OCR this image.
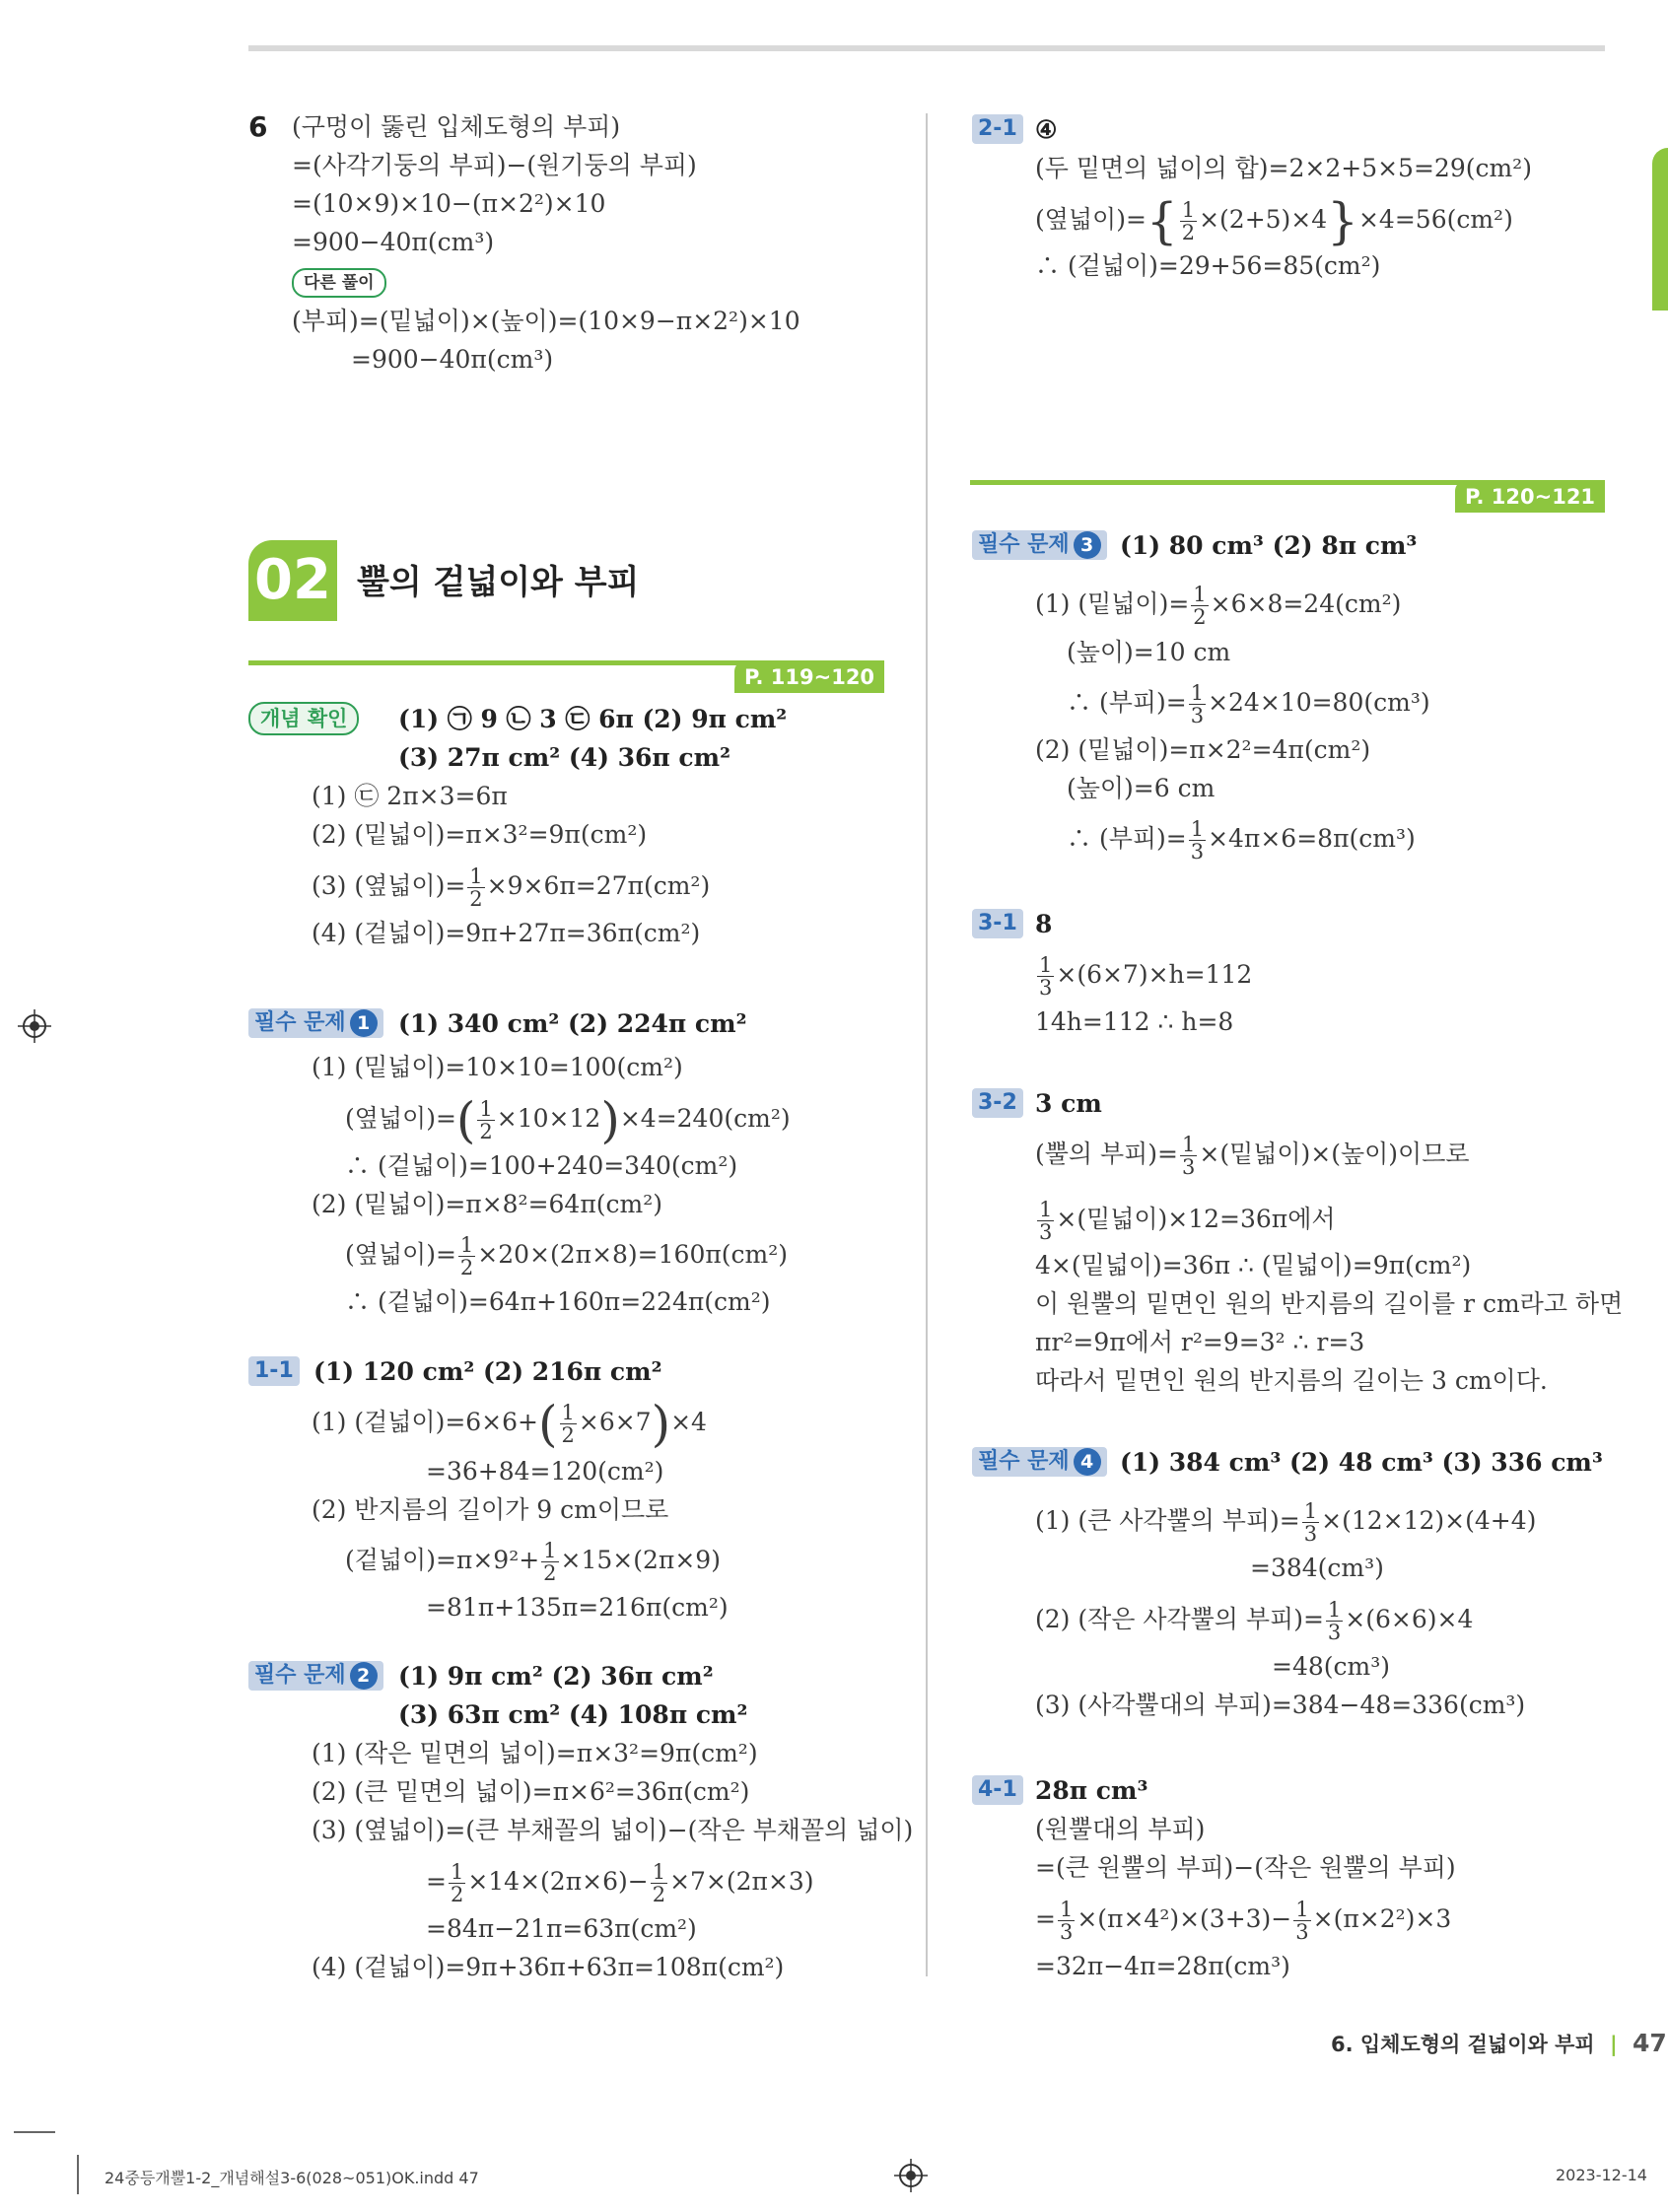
6 (구멍이 뚫린 입체도형의 부피)
=(사각기둥의 부피)−(원기둥의 부피)
=(10×9)×10−(π×2²)×10
=900−40π(cm³)
다른 풀이
(부피)=(밑넓이)×(높이)=(10×9−π×2²)×10
=900−40π(cm³)
02 뿔의 겉넓이와 부피
P. 119~120
개념 확인	(1) ㉠ 9 ㉡ 3 ㉢ 6π (2) 9π cm²
(3) 27π cm² (4) 36π cm²
(1) ㉢ 2π×3=6π
(2) (밑넓이)=π×3²=9π(cm²)
(3) (옆넓이)= $\frac{1}{2} \times 9\times 6\pi=27\pi(cm^2)$
(4) (겉넓이)=9π+27π=36π(cm²)
필수 문제 1	(1) 340 cm² (2) 224π cm²
(1) (밑넓이)=10×10=100(cm²)
(옆넓이)=( $\frac{1}{2} \times 10\times 12)\times 4=240(cm^2)$
∴ (겉넓이)=100+240=340(cm²)
(2) (밑넓이)=π×8²=64π(cm²)
(옆넓이)= $\frac{1}{2} \times 20\times(2\pi\times 8)=160\pi(cm^2)$
∴ (겉넓이)=64π+160π=224π(cm²)
1-1 (1) 120 cm² (2) 216π cm²
(1) (겉넓이)$=6\times 6+( \frac{1}{2} \times 6\times 7)\times 4$
=36+84=120(cm²)
(2) 반지름의 길이가 9 cm이므로
(겉넓이)$=\pi\times 9^2+ \frac{1}{2} \times 15\times(2\pi\times 9)$
=81π+135π=216π(cm²)
필수 문제 2	(1) 9π cm² (2) 36π cm²
(3) 63π cm² (4) 108π cm²
(1) (작은 밑면의 넓이)=π×3²=9π(cm²)
(2) (큰 밑면의 넓이)=π×6²=36π(cm²)
(3) (옆넓이)=(큰 부채꼴의 넓이)−(작은 부채꼴의 넓이)
= $\frac{1}{2} \times 14\times(2\pi\times 6)- \frac{1}{2} \times 7\times(2\pi\times 3)$
=84π−21π=63π(cm²)
(4) (겉넓이)=9π+36π+63π=108π(cm²)
2-1 ④
(두 밑면의 넓이의 합)=2×2+5×5=29(cm²)
(옆넓이)={ $\frac{1}{2} \times(2+5)\times 4\}\times 4=56(cm^2)$
∴ (겉넓이)=29+56=85(cm²)
P. 120~121
필수 문제 3	(1) 80 cm³ (2) 8π cm³
(1) (밑넓이)= $\frac{1}{2} \times 6\times 8=24(cm^2)$
(높이)=10 cm
∴ (부피)= $\frac{1}{3} \times 24\times 10=80(cm^3)$
(2) (밑넓이)=π×2²=4π(cm²)
(높이)=6 cm
∴ (부피)= $\frac{1}{3} \times 4\pi\times 6=8\pi(cm^3)$
3-1 8
$\frac{1}{3} \times(6\times 7)\times h=112$
14h=112 ∴ h=8
3-2 3 cm
(뿔의 부피)= $\frac{1}{3}$ ×(밑넓이)×(높이)이므로
$\frac{1}{3}$ ×(밑넓이)×12=36π에서
4×(밑넓이)=36π ∴ (밑넓이)=9π(cm²)
이 원뿔의 밑면인 원의 반지름의 길이를 r cm라고 하면
πr²=9π에서 r²=9=3² ∴ r=3
따라서 밑면인 원의 반지름의 길이는 3 cm이다.
필수 문제 4	(1) 384 cm³ (2) 48 cm³ (3) 336 cm³
(1) (큰 사각뿔의 부피)= $\frac{1}{3} \times(12\times 12)\times(4+4)$
=384(cm³)
(2) (작은 사각뿔의 부피)= $\frac{1}{3} \times(6\times 6)\times 4$
=48(cm³)
(3) (사각뿔대의 부피)=384−48=336(cm³)
4-1 28π cm³
(원뿔대의 부피)
=(큰 원뿔의 부피)−(작은 원뿔의 부피)
= $\frac{1}{3} \times(\pi\times 4^2)\times(3+3)- \frac{1}{3} \times(\pi\times 2^2)\times 3$
=32π−4π=28π(cm³)
6. 입체도형의 겉넓이와 부피 | 47
24중등개뿔1-2_개념해설3-6(028~051)OK.indd 47	2023-12-14
